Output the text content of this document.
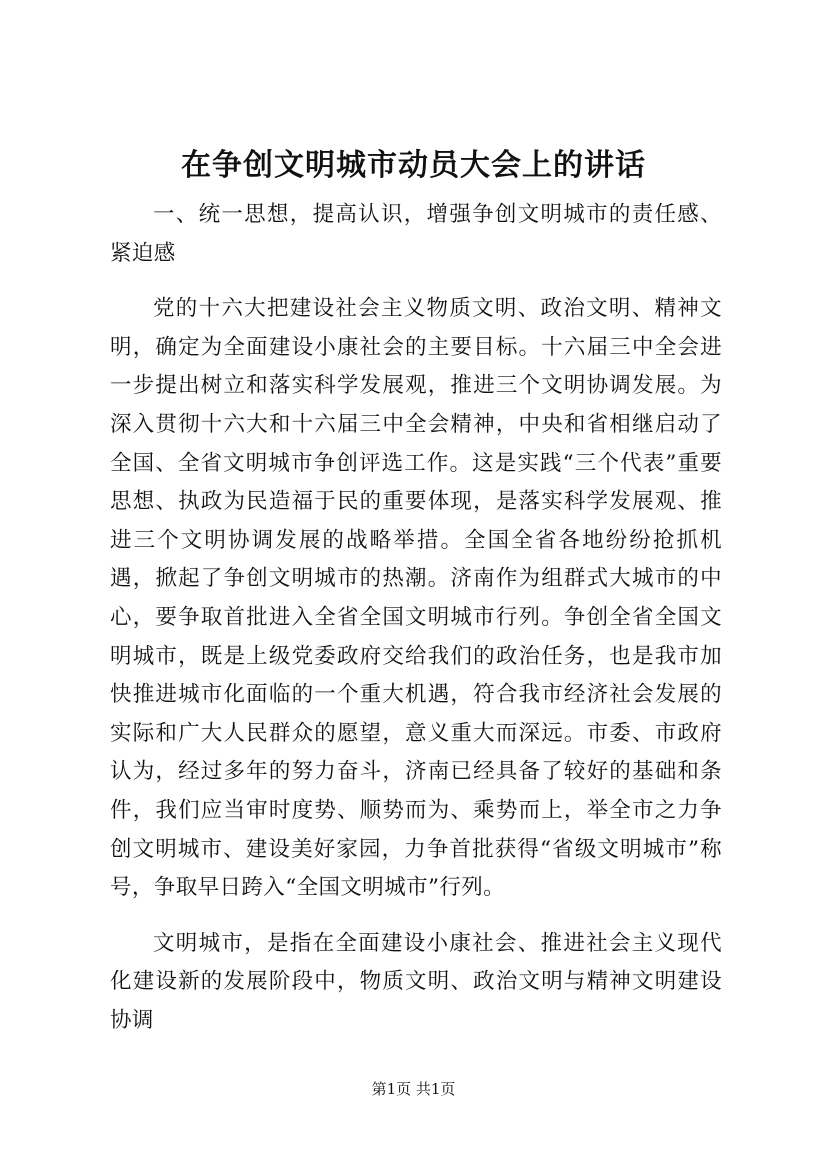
在争创文明城市动员大会上的讲话

一、统一思想，提高认识，增强争创文明城市的责任感、紧迫感

党的十六大把建设社会主义物质文明、政治文明、精神文明，确定为全面建设小康社会的主要目标。十六届三中全会进一步提出树立和落实科学发展观，推进三个文明协调发展。为深入贯彻十六大和十六届三中全会精神，中央和省相继启动了全国、全省文明城市争创评选工作。这是实践“三个代表”重要思想、执政为民造福于民的重要体现，是落实科学发展观、推进三个文明协调发展的战略举措。全国全省各地纷纷抢抓机遇，掀起了争创文明城市的热潮。济南作为组群式大城市的中心，要争取首批进入全省全国文明城市行列。争创全省全国文明城市，既是上级党委政府交给我们的政治任务，也是我市加快推进城市化面临的一个重大机遇，符合我市经济社会发展的实际和广大人民群众的愿望，意义重大而深远。市委、市政府认为，经过多年的努力奋斗，济南已经具备了较好的基础和条件，我们应当审时度势、顺势而为、乘势而上，举全市之力争创文明城市、建设美好家园，力争首批获得“省级文明城市”称号，争取早日跨入“全国文明城市”行列。

文明城市，是指在全面建设小康社会、推进社会主义现代化建设新的发展阶段中，物质文明、政治文明与精神文明建设协调

第1页 共1页
